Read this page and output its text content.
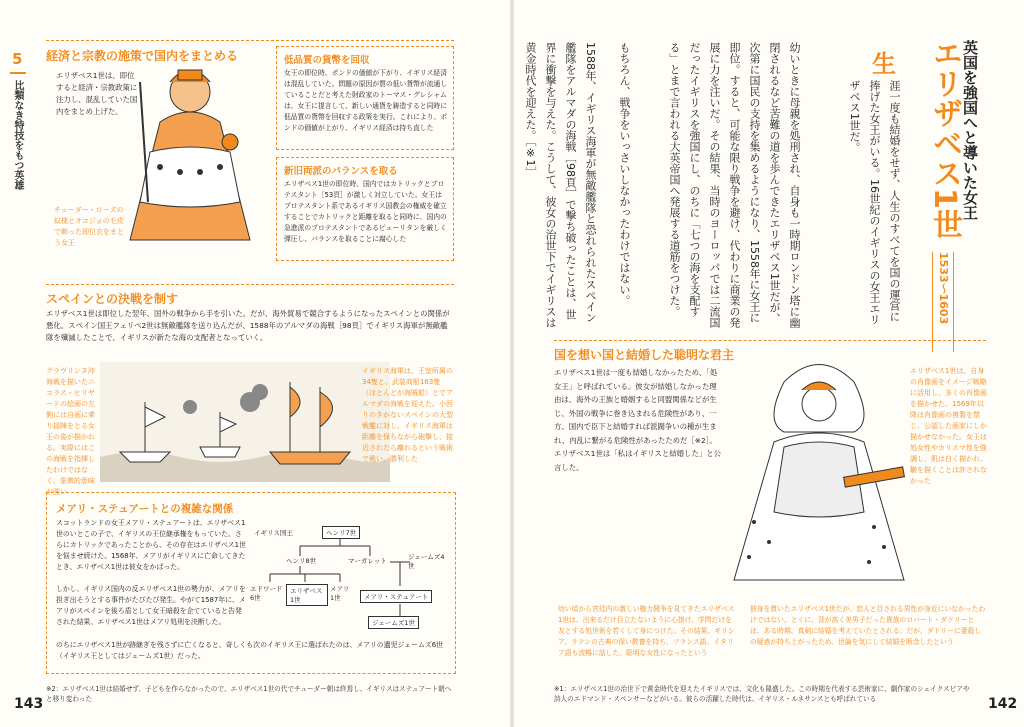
5
比類なき特技をもつ英雄
経済と宗教の施策で国内をまとめる
エリザベス1世は、即位すると経済・宗教政策に注力し、混乱していた国内をまとめ上げた。
チューダー・ローズの紋様とオコジョの毛皮で飾った即位衣をまとう女王
低品質の貨幣を回収
女王の即位時、ポンドの価値が下がり、イギリス経済は混乱していた。問題の原因が質の低い貨幣が流通していることだと考えた財政家のトーマス・グレシャムは、女王に提言して、新しい通貨を鋳造すると同時に低品質の貨幣を回収する政策を実行。これにより、ポンドの価値が上がり、イギリス経済は持ち直した
新旧両派のバランスを取る
エリザベス1世の即位時、国内ではカトリックとプロテスタント［53頁］が激しく対立していた。女王はプロテスタント系であるイギリス国教会の権威を確立することでカトリックと距離を取ると同時に、国内の急進派のプロテスタントであるピューリタンを厳しく弾圧し、バランスを取ることに腐心した
スペインとの決戦を制す
エリザベス1世は即位した翌年、国外の戦争から手を引いた。だが、海外貿易で競合するようになったスペインとの関係が悪化。スペイン国王フェリペ2世は無敵艦隊を送り込んだが、1588年のアルマダの海戦［98頁］でイギリス海軍が無敵艦隊を殲滅したことで、イギリスが新たな海の支配者となっていく。
グラヴリンヌ沖海戦を描いたニコラス・ヒリヤードの絵画の左側には自画に乗り揺陣をとる女王の姿が描かれる。実際にはこの海戦を指揮したわけではなく、象徴的意味が強い
イギリス海軍は、王室所属の34隻と、武装商船163隻（ほとんどが海賊船）とでアルマダの海戦を迎えた。小回りのきかないスペインの大型戦艦に対し、イギリス海軍は距離を保ちながら砲撃し、接近されたら離れるという戦術で戦い、勝利した
メアリ・ステュアートとの複雑な関係
スコットランドの女王メアリ・ステュアートは、エリザベス1世のいとこの子で、イギリスの王位継承権をもっていた。さらにカトリックであったことから、その存在はエリザベス1世を悩ませ続けた。1568年、メアリがイギリスに亡命してきたとき、エリザベス1世は彼女をかばった。
しかし、イギリス国内の反エリザベス1世の勢力が、メアリを担ぎ出そうとする事件がたびたび発生。やがて1587年に、メアリがスペインを後ろ盾として女王暗殺を企てていると告発された結果、エリザベス1世はメアリ処刑を決断した。
のちにエリザベス1世が跡継ぎを残さずに亡くなると、奇しくも次のイギリス王に選ばれたのは、メアリの遺児ジェームズ6世（イギリス王としてはジェームズ1世）だった。
イギリス国王	ヘンリ7世
ヘンリ8世	マーガレット	ジェームズ4世
エドワード6世
エリザベス1世
メアリ1世	メアリ・ステュアート
ジェームズ1世
※2：エリザベス1世は結婚せず、子どもを作らなかったので、エリザベス1世の代でチューダー朝は終焉し、イギリスはステュアート朝へと移り変わった
143
英国を強国へと導いた女王
エリザベス1世
1533〜1603
生
涯一度も結婚をせず、人生のすべてを国の運営に捧げた女王がいる。16世紀のイギリスの女王エリザベス1世だ。
幼いときに母親を処刑され、自身も一時期ロンドン塔に幽閉されるなど苦難の道を歩んできたエリザベス1世だが、次第に国民の支持を集めるようになり、1558年に女王に即位。すると、可能な限り戦争を避け、代わりに商業の発展に力を注いだ。その結果、当時のヨーロッパでは二流国だったイギリスを強国にし、のちに「七つの海を支配する」とまで言われる大英帝国へ発展する道筋をつけた。
もちろん、戦争をいっさいしなかったわけではない。
1588年、イギリス海軍が無敵艦隊と恐れられたスペイン艦隊をアルマダの海戦［98頁］で撃ち破ったことは、世界に衝撃を与えた。こうして、彼女の治世下でイギリスは黄金時代を迎えた。［※1］
国を想い国と結婚した聡明な君主
エリザベス1世は一度も結婚しなかったため、「処女王」と呼ばれている。彼女が結婚しなかった理由は、海外の王族と婚姻すると同盟関係などが生じ、外国の戦争に巻き込まれる危険性があり、一方、国内で臣下と結婚すれば派閥争いの種が生まれ、内乱に繋がる危険性があったためだ［※2］。エリザベス1世は「私はイギリスと結婚した」と公言した。
エリザベス1世は、自身の肖像画をイメージ戦略に活用し、多くの肖像画を描かせた。1569年以降は肖像画の複製を禁じ、公認した画家にしか描かせなかった。女王は処女性やカリスマ性を強調し、肌は白く描かれ、皺を描くことは許されなかった
幼い頃から宮廷内の激しい権力闘争を見てきたエリザベス1世は、出来るだけ目立たないように心掛け、学問だけを友とする処世術を若くして身につけた。その結果、ギリシア、ラテンの古典の深い教養を持ち、フランス語、イタリア語も流暢に話した、聡明な女性になったという
独身を貫いたエリザベス1世だが、恋人と目される男性が身近にいなかったわけではない。とくに、背が高く美男子だった貴族のロバート・ダドリーとは、ある時期、真剣に結婚を考えていたとされる。だが、ダドリーに妻殺しの疑惑が持ち上がったため、世論を気にして結婚を断念したという
※1：エリザベス1世の治世下で黄金時代を迎えたイギリスでは、文化も隆盛した。この時期を代表する芸術家に、劇作家のシェイクスピアや詩人のエドマンド・スペンサーなどがいる。彼らの活躍した時代は、イギリス・ルネサンスとも呼ばれている	142
